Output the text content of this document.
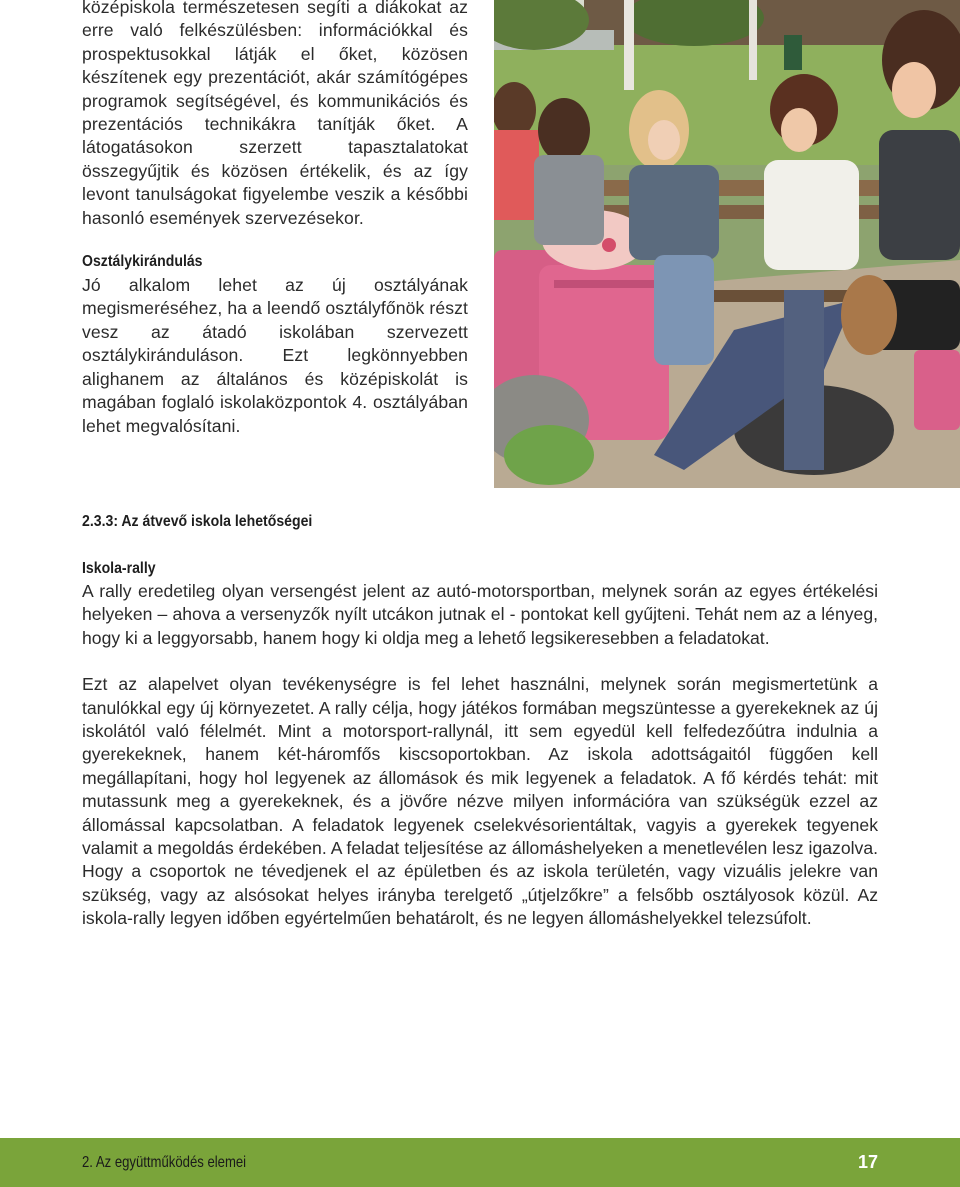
középiskola természetesen segíti a diákokat az erre való felkészülésben: információkkal és prospektusokkal látják el őket, közösen készítenek egy prezentációt, akár számítógépes programok segítségével, és kommunikációs és prezentációs technikákra tanítják őket. A látogatásokon szerzett tapasztalatokat összegyűjtik és közösen értékelik, és az így levont tanulságokat figyelembe veszik a későbbi hasonló események szervezésekor.

Osztálykirándulás

Jó alkalom lehet az új osztályának megismeréséhez, ha a leendő osztályfőnök részt vesz az átadó iskolában szervezett osztálykiránduláson. Ezt legkönnyebben alighanem az általános és középiskolát is magában foglaló iskolaközpontok 4. osztályában lehet megvalósítani.

2.3.3: Az átvevő iskola lehetőségei

Iskola-rally

A rally eredetileg olyan versengést jelent az autó-motorsportban, melynek során az egyes értékelési helyeken – ahova a versenyzők nyílt utcákon jutnak el - pontokat kell gyűjteni. Tehát nem az a lényeg, hogy ki a leggyorsabb, hanem hogy ki oldja meg a lehető legsikeresebben a feladatokat.

Ezt az alapelvet olyan tevékenységre is fel lehet használni, melynek során megismertetünk a tanulókkal egy új környezetet. A rally célja, hogy játékos formában megszüntesse a gyerekeknek az új iskolától való félelmét. Mint a motorsport-rallynál, itt sem egyedül kell felfedezőútra indulnia a gyerekeknek, hanem két-háromfős kiscsoportokban. Az iskola adottságaitól függően kell megállapítani, hogy hol legyenek az állomások és mik legyenek a feladatok. A fő kérdés tehát: mit mutassunk meg a gyerekeknek, és a jövőre nézve milyen információra van szükségük ezzel az állomással kapcsolatban. A feladatok legyenek cselekvésorientáltak, vagyis a gyerekek tegyenek valamit a megoldás érdekében. A feladat teljesítése az állomáshelyeken a menetlevélen lesz igazolva. Hogy a csoportok ne tévedjenek el az épületben és az iskola területén, vagy vizuális jelekre van szükség, vagy az alsósokat helyes irányba terelgető „útjelzőkre” a felsőbb osztályosok közül. Az iskola-rally legyen időben egyértelműen behatárolt, és ne legyen állomáshelyekkel telezsúfolt.

2. Az együttműködés elemei	17
